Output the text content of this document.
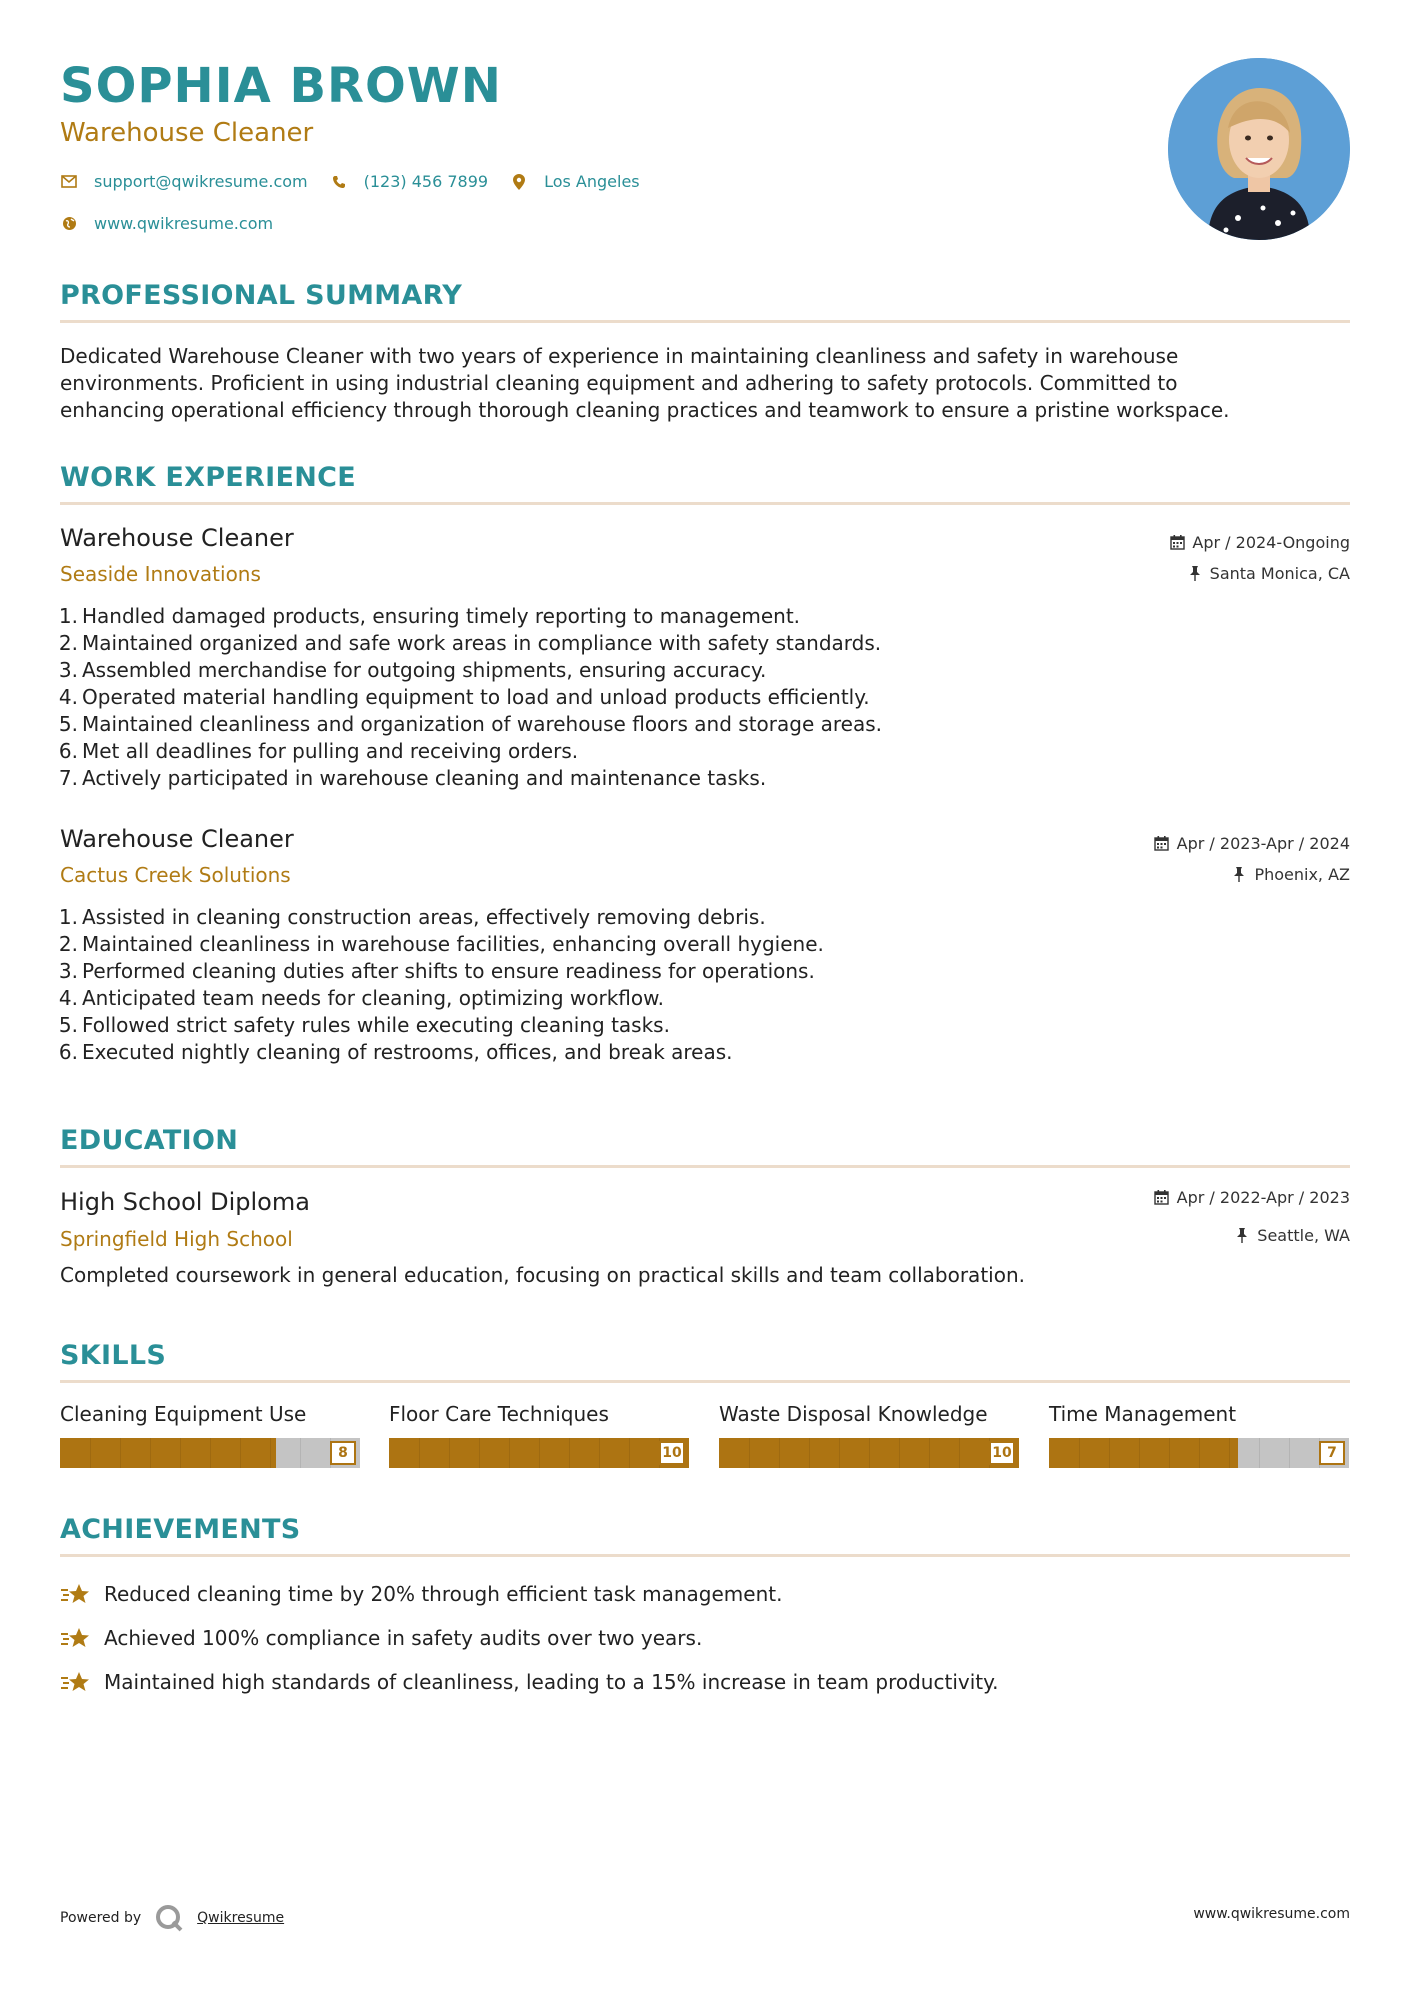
SOPHIA BROWN
Warehouse Cleaner
support@qwikresume.com	(123) 456 7899	Los Angeles
www.qwikresume.com
PROFESSIONAL SUMMARY
Dedicated Warehouse Cleaner with two years of experience in maintaining cleanliness and safety in warehouse
environments. Proficient in using industrial cleaning equipment and adhering to safety protocols. Committed to
enhancing operational efficiency through thorough cleaning practices and teamwork to ensure a pristine workspace.
WORK EXPERIENCE
Warehouse Cleaner
Seaside Innovations
Apr / 2024-Ongoing
Santa Monica, CA
1. Handled damaged products, ensuring timely reporting to management.
2. Maintained organized and safe work areas in compliance with safety standards.
3. Assembled merchandise for outgoing shipments, ensuring accuracy.
4. Operated material handling equipment to load and unload products efficiently.
5. Maintained cleanliness and organization of warehouse floors and storage areas.
6. Met all deadlines for pulling and receiving orders.
7. Actively participated in warehouse cleaning and maintenance tasks.
Warehouse Cleaner
Cactus Creek Solutions
Apr / 2023-Apr / 2024
Phoenix, AZ
1. Assisted in cleaning construction areas, effectively removing debris.
2. Maintained cleanliness in warehouse facilities, enhancing overall hygiene.
3. Performed cleaning duties after shifts to ensure readiness for operations.
4. Anticipated team needs for cleaning, optimizing workflow.
5. Followed strict safety rules while executing cleaning tasks.
6. Executed nightly cleaning of restrooms, offices, and break areas.
EDUCATION
High School Diploma
Springfield High School
Apr / 2022-Apr / 2023
Seattle, WA
Completed coursework in general education, focusing on practical skills and team collaboration.
SKILLS
Cleaning Equipment Use
8
Floor Care Techniques
10
Waste Disposal Knowledge
10
Time Management
7
ACHIEVEMENTS
Reduced cleaning time by 20% through efficient task management.
Achieved 100% compliance in safety audits over two years.
Maintained high standards of cleanliness, leading to a 15% increase in team productivity.
Powered by	Qwikresume	www.qwikresume.com
